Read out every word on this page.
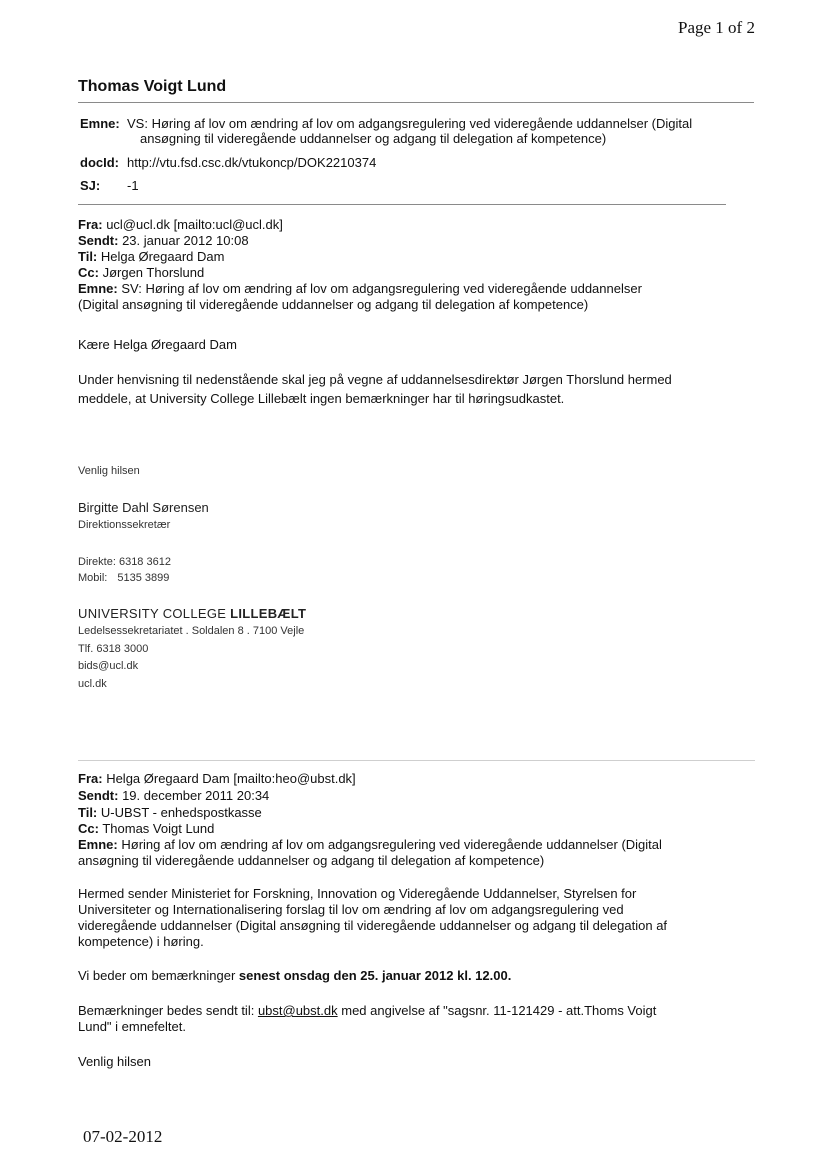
Page 1 of 2
Thomas Voigt Lund
Emne: VS: Høring af lov om ændring af lov om adgangsregulering ved videregående uddannelser (Digital
ansøgning til videregående uddannelser og adgang til delegation af kompetence)
docId: http://vtu.fsd.csc.dk/vtukoncp/DOK2210374
SJ: -1
Fra: ucl@ucl.dk [mailto:ucl@ucl.dk]
Sendt: 23. januar 2012 10:08
Til: Helga Øregaard Dam
Cc: Jørgen Thorslund
Emne: SV: Høring af lov om ændring af lov om adgangsregulering ved videregående uddannelser
(Digital ansøgning til videregående uddannelser og adgang til delegation af kompetence)
Kære Helga Øregaard Dam
Under henvisning til nedenstående skal jeg på vegne af uddannelsesdirektør Jørgen Thorslund hermed
meddele, at University College Lillebælt ingen bemærkninger har til høringsudkastet.
Venlig hilsen
Birgitte Dahl Sørensen
Direktionssekretær
Direkte: 6318 3612
Mobil: 5135 3899
UNIVERSITY COLLEGE LILLEBÆLT
Ledelsessekretariatet . Soldalen 8 . 7100 Vejle
Tlf. 6318 3000
bids@ucl.dk
ucl.dk
Fra: Helga Øregaard Dam [mailto:heo@ubst.dk]
Sendt: 19. december 2011 20:34
Til: U-UBST - enhedspostkasse
Cc: Thomas Voigt Lund
Emne: Høring af lov om ændring af lov om adgangsregulering ved videregående uddannelser (Digital
ansøgning til videregående uddannelser og adgang til delegation af kompetence)
Hermed sender Ministeriet for Forskning, Innovation og Videregående Uddannelser, Styrelsen for
Universiteter og Internationalisering forslag til lov om ændring af lov om adgangsregulering ved
videregående uddannelser (Digital ansøgning til videregående uddannelser og adgang til delegation af
kompetence) i høring.
Vi beder om bemærkninger senest onsdag den 25. januar 2012 kl. 12.00.
Bemærkninger bedes sendt til: ubst@ubst.dk med angivelse af "sagsnr. 11-121429 - att.Thoms Voigt
Lund" i emnefeltet.
Venlig hilsen
07-02-2012
